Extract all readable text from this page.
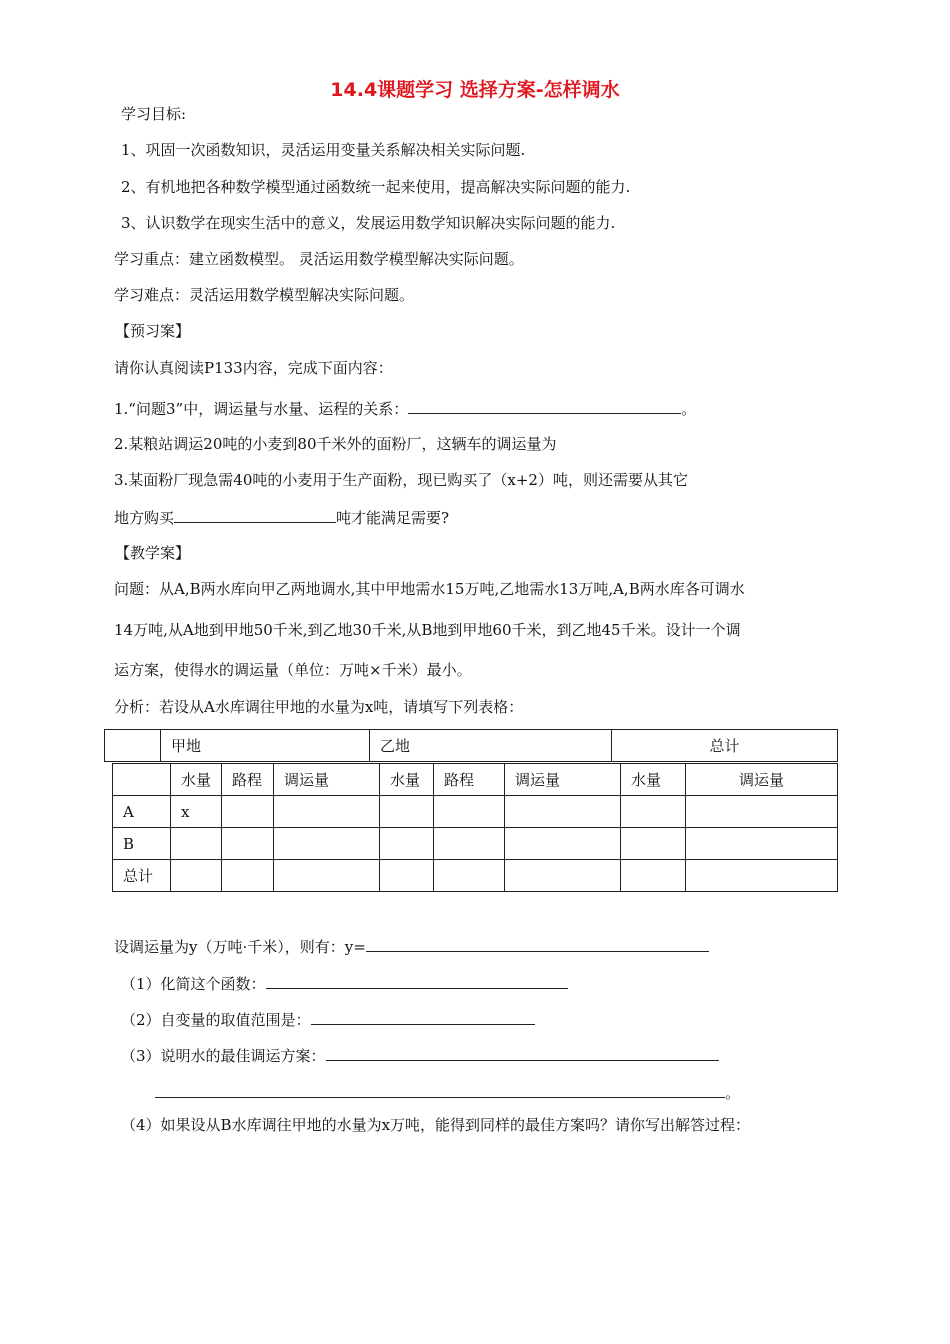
14.4课题学习 选择方案-怎样调水
学习目标:
1、巩固一次函数知识，灵活运用变量关系解决相关实际问题.
2、有机地把各种数学模型通过函数统一起来使用，提高解决实际问题的能力.
3、认识数学在现实生活中的意义，发展运用数学知识解决实际问题的能力.
学习重点：建立函数模型。 灵活运用数学模型解决实际问题。
学习难点：灵活运用数学模型解决实际问题。
【预习案】
请你认真阅读P133内容，完成下面内容：
1.“问题3”中，调运量与水量、运程的关系：	。
2.某粮站调运20吨的小麦到80千米外的面粉厂，这辆车的调运量为
3.某面粉厂现急需40吨的小麦用于生产面粉，现已购买了（x+2）吨，则还需要从其它
地方购买	吨才能满足需要?
【教学案】
问题：从A,B两水库向甲乙两地调水,其中甲地需水15万吨,乙地需水13万吨,A,B两水库各可调水
14万吨,从A地到甲地50千米,到乙地30千米,从B地到甲地60千米，到乙地45千米。设计一个调
运方案，使得水的调运量（单位：万吨×千米）最小。
分析：若设从A水库调往甲地的水量为x吨，请填写下列表格：
	甲地	乙地	总计
	水量	路程	调运量	水量	路程	调运量	水量	调运量
A	x							
B								
总计								
设调运量为y（万吨·千米），则有：y=
（1）化简这个函数：
（2）自变量的取值范围是：
（3）说明水的最佳调运方案：
。
（4）如果设从B水库调往甲地的水量为x万吨，能得到同样的最佳方案吗？请你写出解答过程：
